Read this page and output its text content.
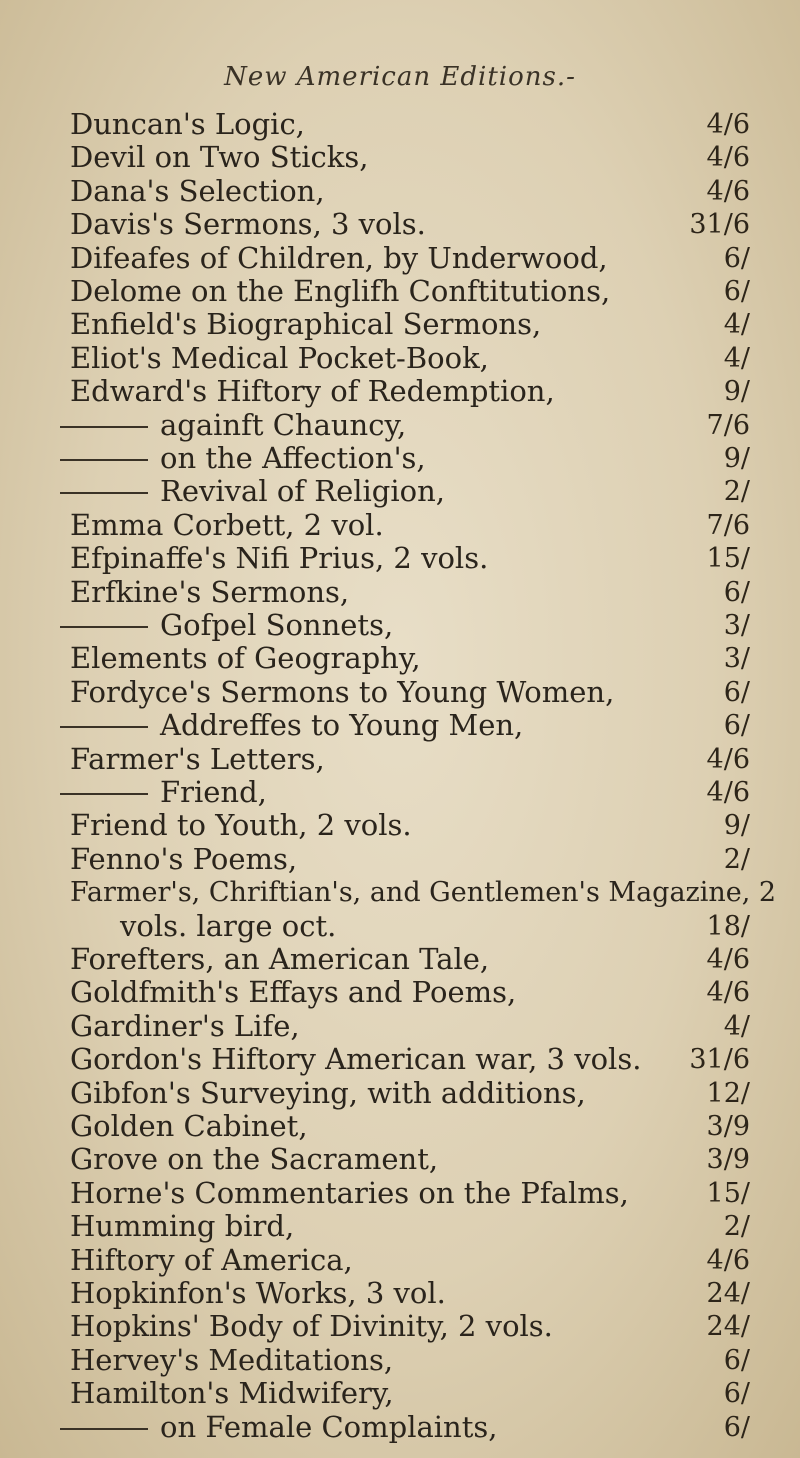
New American Editions.-
Duncan's Logic,	4/6
Devil on Two Sticks,	4/6
Dana's Selection,	4/6
Davis's Sermons, 3 vols.	31/6
Difeafes of Children, by Underwood,	6/
Delome on the Englifh Conftitutions,	6/
Enfield's Biographical Sermons,	4/
Eliot's Medical Pocket-Book,	4/
Edward's Hiftory of Redemption,	9/
againft Chauncy,	7/6
on the Affection's,	9/
Revival of Religion,	2/
Emma Corbett, 2 vol.	7/6
Efpinaffe's Nifi Prius, 2 vols.	15/
Erfkine's Sermons,	6/
Gofpel Sonnets,	3/
Elements of Geography,	3/
Fordyce's Sermons to Young Women,	6/
Addreffes to Young Men,	6/
Farmer's Letters,	4/6
Friend,	4/6
Friend to Youth, 2 vols.	9/
Fenno's Poems,	2/
Farmer's, Chriftian's, and Gentlemen's Magazine, 2
vols. large oct.	18/
Forefters, an American Tale,	4/6
Goldfmith's Effays and Poems,	4/6
Gardiner's Life,	4/
Gordon's Hiftory American war, 3 vols.	31/6
Gibfon's Surveying, with additions,	12/
Golden Cabinet,	3/9
Grove on the Sacrament,	3/9
Horne's Commentaries on the Pfalms,	15/
Humming bird,	2/
Hiftory of America,	4/6
Hopkinfon's Works, 3 vol.	24/
Hopkins' Body of Divinity, 2 vols.	24/
Hervey's Meditations,	6/
Hamilton's Midwifery,	6/
on Female Complaints,	6/
